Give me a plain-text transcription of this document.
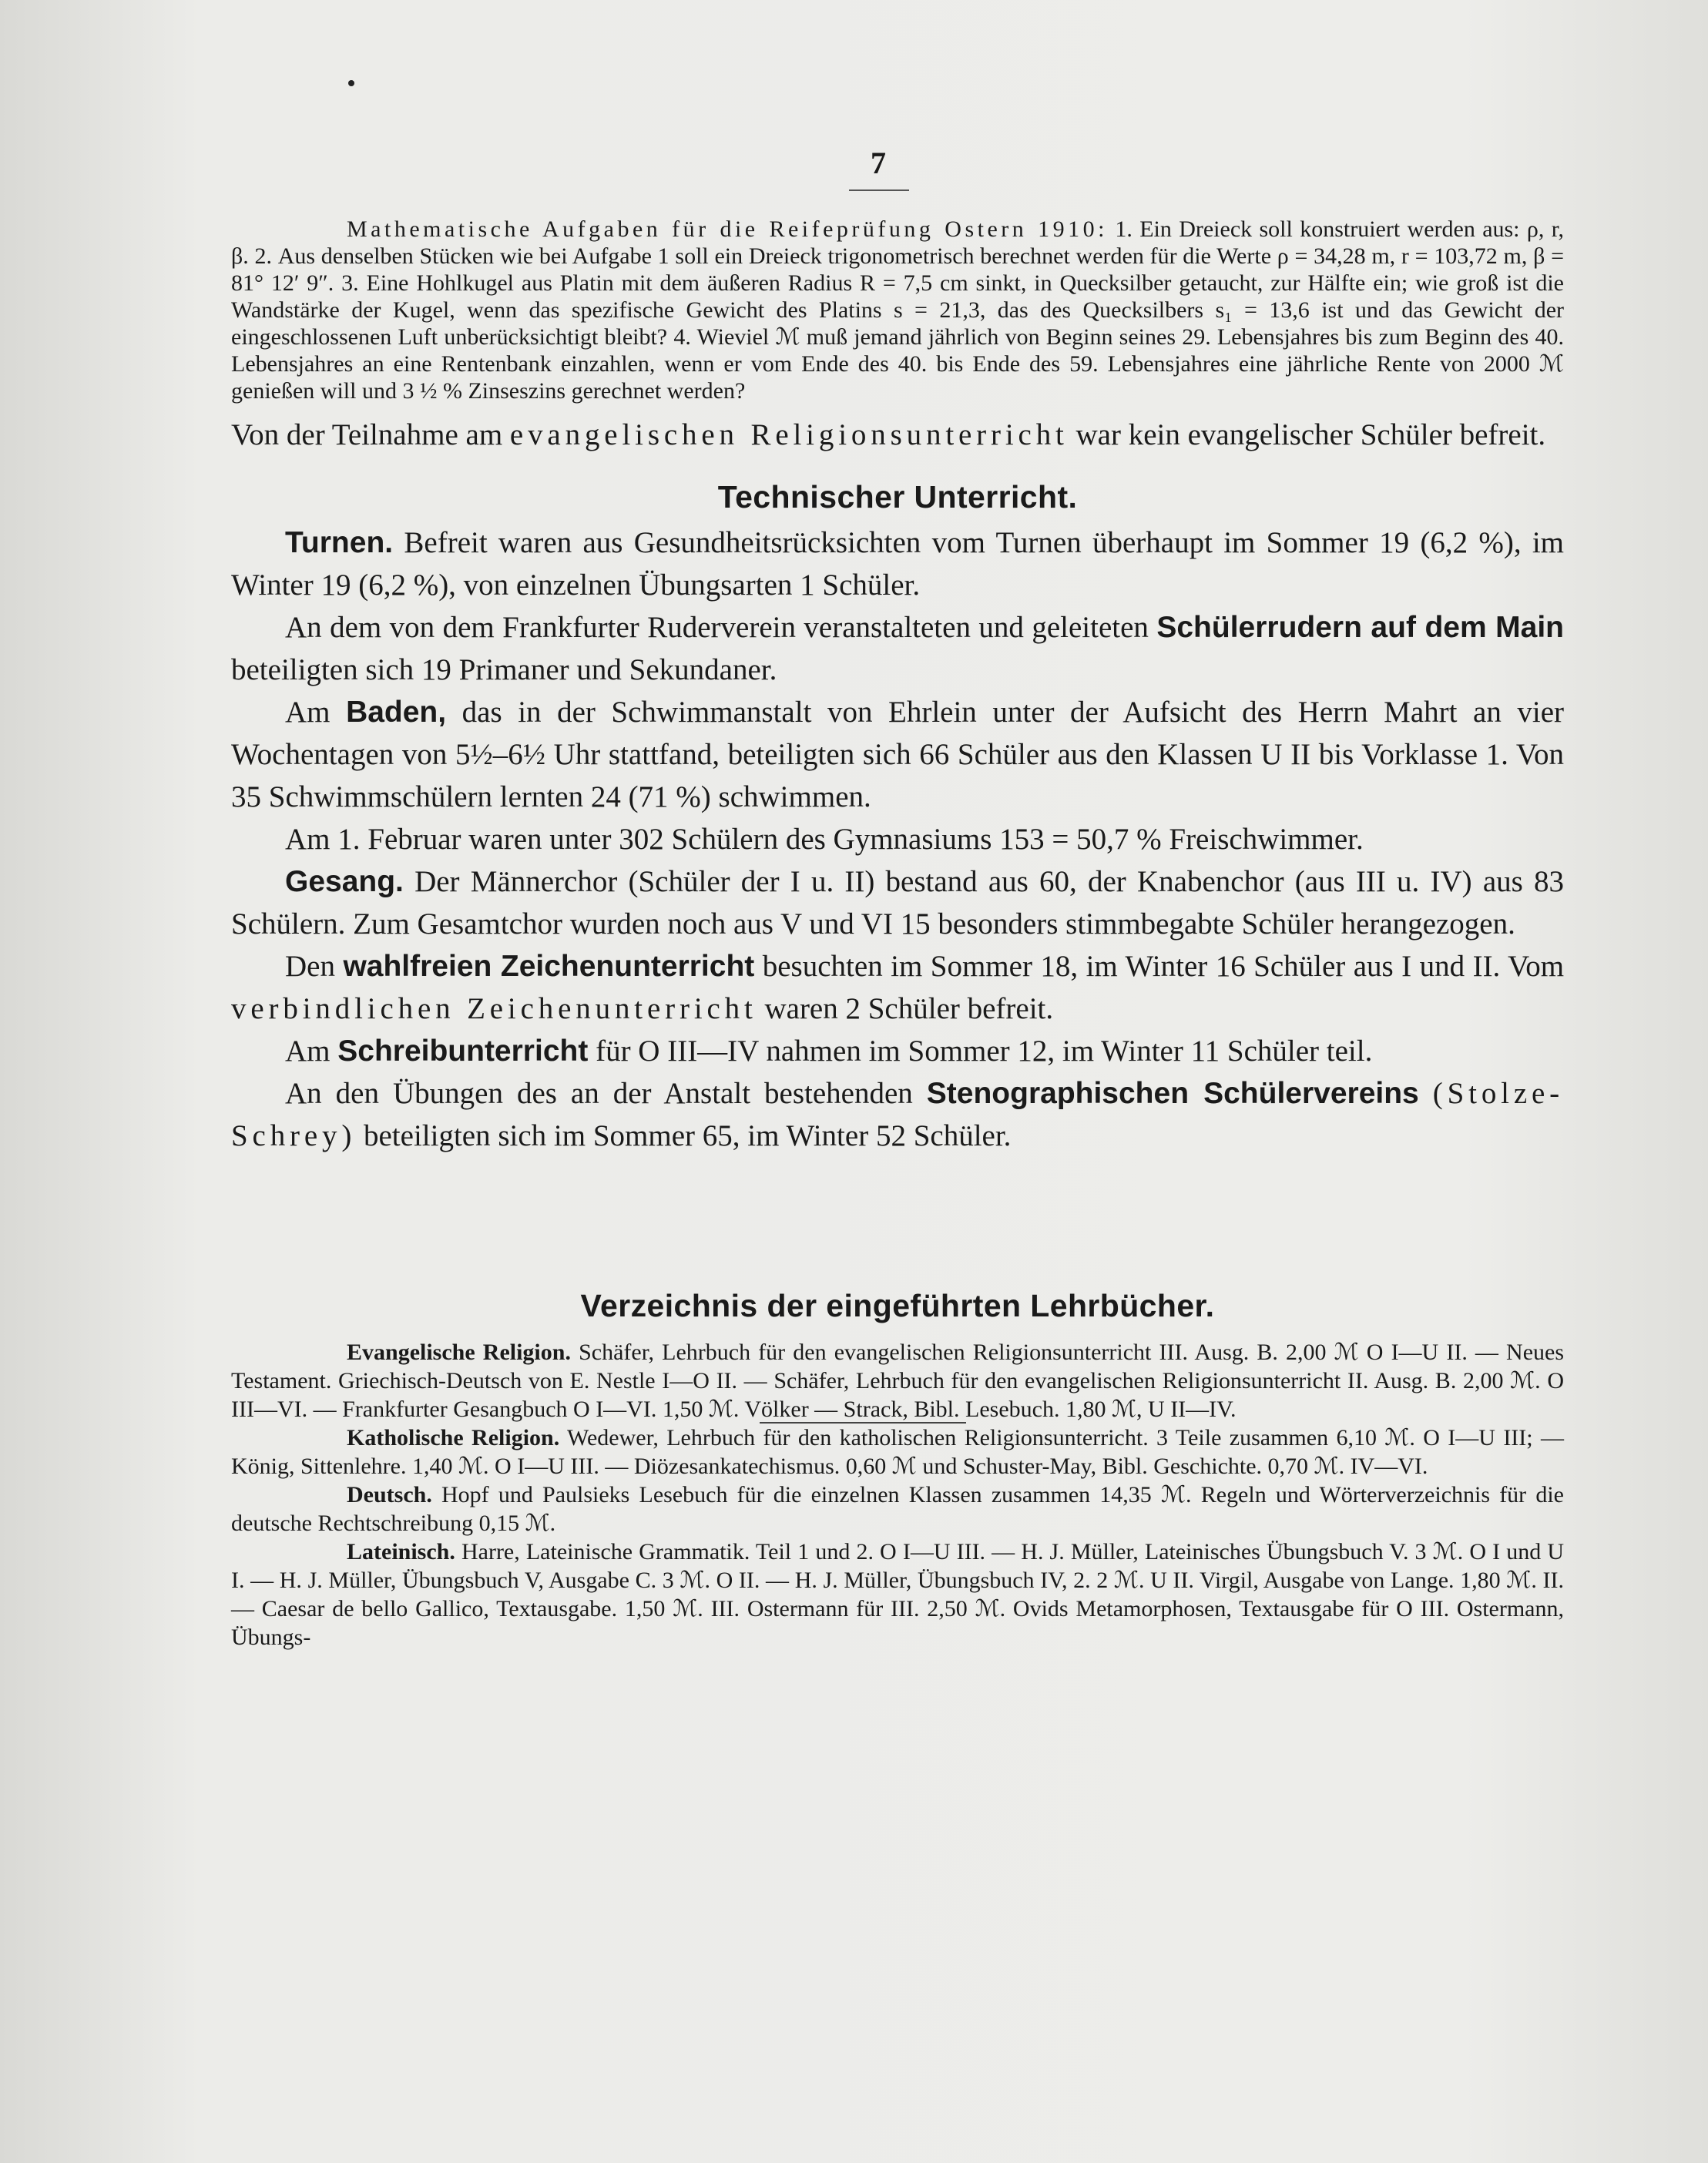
7

Mathematische Aufgaben für die Reifeprüfung Ostern 1910: 1. Ein Dreieck soll konstruiert werden aus: ρ, r, β. 2. Aus denselben Stücken wie bei Aufgabe 1 soll ein Dreieck trigonometrisch berechnet werden für die Werte ρ = 34,28 m, r = 103,72 m, β = 81° 12′ 9″. 3. Eine Hohlkugel aus Platin mit dem äußeren Radius R = 7,5 cm sinkt, in Quecksilber getaucht, zur Hälfte ein; wie groß ist die Wandstärke der Kugel, wenn das spezifische Gewicht des Platins s = 21,3, das des Quecksilbers s₁ = 13,6 ist und das Gewicht der eingeschlossenen Luft unberücksichtigt bleibt? 4. Wieviel ℳ muß jemand jährlich von Beginn seines 29. Lebensjahres bis zum Beginn des 40. Lebensjahres an eine Rentenbank einzahlen, wenn er vom Ende des 40. bis Ende des 59. Lebensjahres eine jährliche Rente von 2000 ℳ genießen will und 3 ½ % Zinseszins gerechnet werden?

Von der Teilnahme am evangelischen Religionsunterricht war kein evangelischer Schüler befreit.

Technischer Unterricht.

Turnen. Befreit waren aus Gesundheitsrücksichten vom Turnen überhaupt im Sommer 19 (6,2 %), im Winter 19 (6,2 %), von einzelnen Übungsarten 1 Schüler.

An dem von dem Frankfurter Ruderverein veranstalteten und geleiteten Schülerrudern auf dem Main beteiligten sich 19 Primaner und Sekundaner.

Am Baden, das in der Schwimmanstalt von Ehrlein unter der Aufsicht des Herrn Mahrt an vier Wochentagen von 5½–6½ Uhr stattfand, beteiligten sich 66 Schüler aus den Klassen U II bis Vorklasse 1. Von 35 Schwimmschülern lernten 24 (71 %) schwimmen.

Am 1. Februar waren unter 302 Schülern des Gymnasiums 153 = 50,7 % Freischwimmer.

Gesang. Der Männerchor (Schüler der I u. II) bestand aus 60, der Knabenchor (aus III u. IV) aus 83 Schülern. Zum Gesamtchor wurden noch aus V und VI 15 besonders stimmbegabte Schüler herangezogen.

Den wahlfreien Zeichenunterricht besuchten im Sommer 18, im Winter 16 Schüler aus I und II. Vom verbindlichen Zeichenunterricht waren 2 Schüler befreit.

Am Schreibunterricht für O III—IV nahmen im Sommer 12, im Winter 11 Schüler teil.

An den Übungen des an der Anstalt bestehenden Stenographischen Schülervereins (Stolze-Schrey) beteiligten sich im Sommer 65, im Winter 52 Schüler.

Verzeichnis der eingeführten Lehrbücher.

Evangelische Religion. Schäfer, Lehrbuch für den evangelischen Religionsunterricht III. Ausg. B. 2,00 ℳ O I—U II. — Neues Testament. Griechisch-Deutsch von E. Nestle I—O II. — Schäfer, Lehrbuch für den evangelischen Religionsunterricht II. Ausg. B. 2,00 ℳ. O III—VI. — Frankfurter Gesangbuch O I—VI. 1,50 ℳ. Völker — Strack, Bibl. Lesebuch. 1,80 ℳ, U II—IV.

Katholische Religion. Wedewer, Lehrbuch für den katholischen Religionsunterricht. 3 Teile zusammen 6,10 ℳ. O I—U III; — König, Sittenlehre. 1,40 ℳ. O I—U III. — Diözesankatechismus. 0,60 ℳ und Schuster-May, Bibl. Geschichte. 0,70 ℳ. IV—VI.

Deutsch. Hopf und Paulsieks Lesebuch für die einzelnen Klassen zusammen 14,35 ℳ. Regeln und Wörterverzeichnis für die deutsche Rechtschreibung 0,15 ℳ.

Lateinisch. Harre, Lateinische Grammatik. Teil 1 und 2. O I—U III. — H. J. Müller, Lateinisches Übungsbuch V. 3 ℳ. O I und U I. — H. J. Müller, Übungsbuch V, Ausgabe C. 3 ℳ. O II. — H. J. Müller, Übungsbuch IV, 2. 2 ℳ. U II. Virgil, Ausgabe von Lange. 1,80 ℳ. II. — Caesar de bello Gallico, Textausgabe. 1,50 ℳ. III. Ostermann für III. 2,50 ℳ. Ovids Metamorphosen, Textausgabe für O III. Ostermann, Übungs-
